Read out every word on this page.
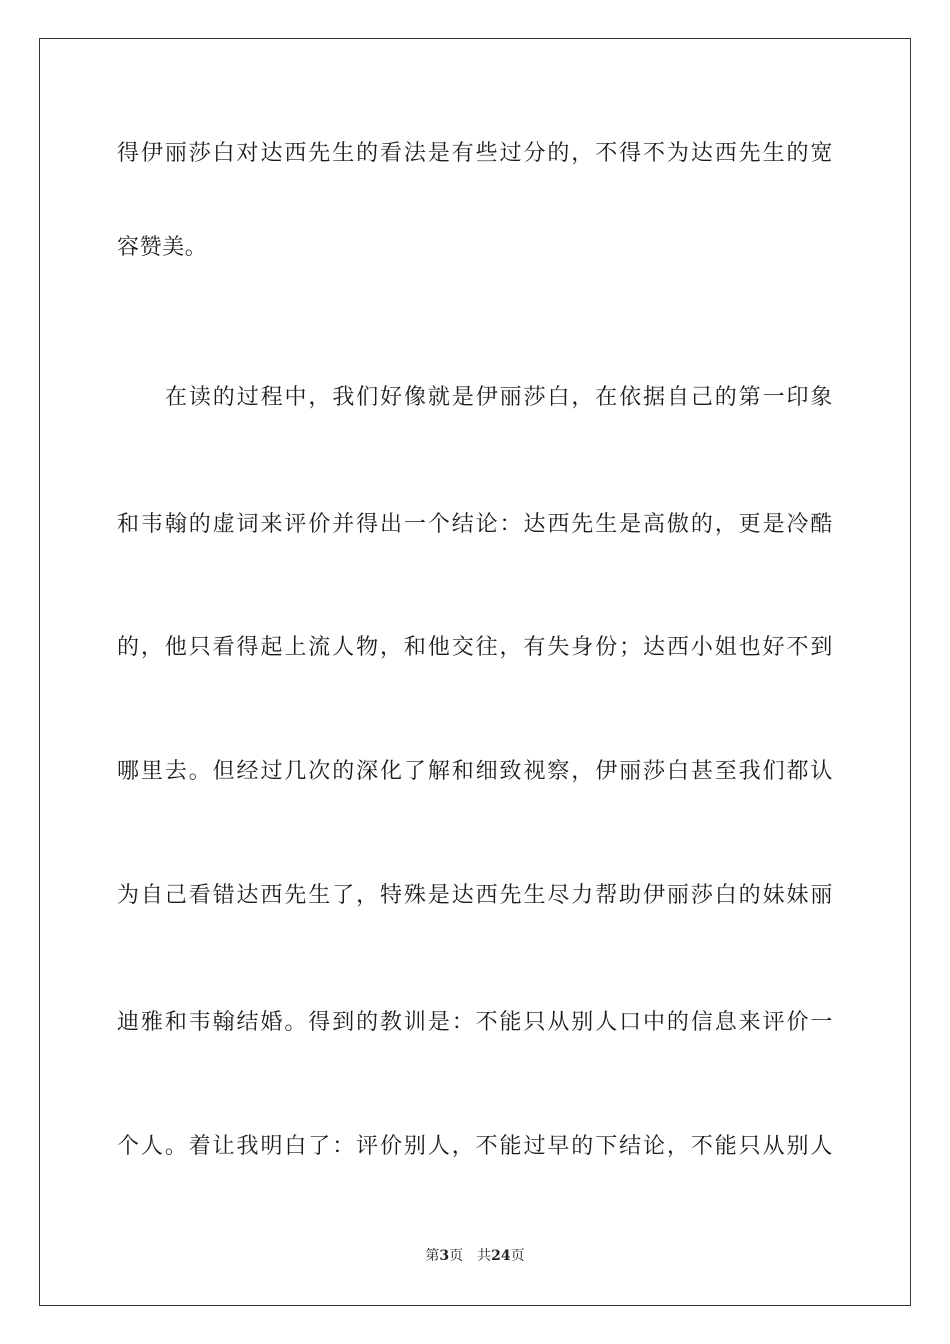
得伊丽莎白对达西先生的看法是有些过分的，不得不为达西先生的宽
容赞美。
在读的过程中，我们好像就是伊丽莎白，在依据自己的第一印象
和韦翰的虚词来评价并得出一个结论：达西先生是高傲的，更是冷酷
的，他只看得起上流人物，和他交往，有失身份；达西小姐也好不到
哪里去。但经过几次的深化了解和细致视察，伊丽莎白甚至我们都认
为自己看错达西先生了，特殊是达西先生尽力帮助伊丽莎白的妹妹丽
迪雅和韦翰结婚。得到的教训是：不能只从别人口中的信息来评价一
个人。着让我明白了：评价别人，不能过早的下结论，不能只从别人
第3页 共24页
